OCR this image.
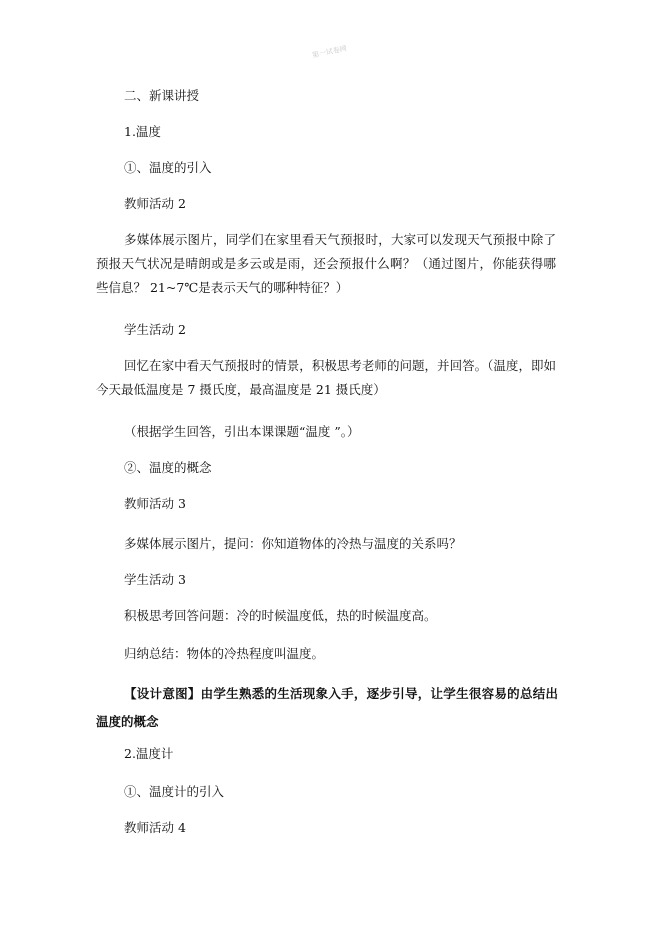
第一试卷网
二、新课讲授
1.温度
①、温度的引入
教师活动 2
多媒体展示图片，同学们在家里看天气预报时，大家可以发现天气预报中除了预报天气状况是晴朗或是多云或是雨，还会预报什么啊？（通过图片，你能获得哪些信息？ 21~7℃是表示天气的哪种特征？）
学生活动 2
回忆在家中看天气预报时的情景，积极思考老师的问题，并回答。（温度，即如今天最低温度是 7 摄氏度，最高温度是 21 摄氏度）
（根据学生回答，引出本课课题“温度 ”。）
②、温度的概念
教师活动 3
多媒体展示图片，提问：你知道物体的冷热与温度的关系吗？
学生活动 3
积极思考回答问题：冷的时候温度低，热的时候温度高。
归纳总结：物体的冷热程度叫温度。
【设计意图】由学生熟悉的生活现象入手，逐步引导，让学生很容易的总结出温度的概念
2.温度计
①、温度计的引入
教师活动 4
